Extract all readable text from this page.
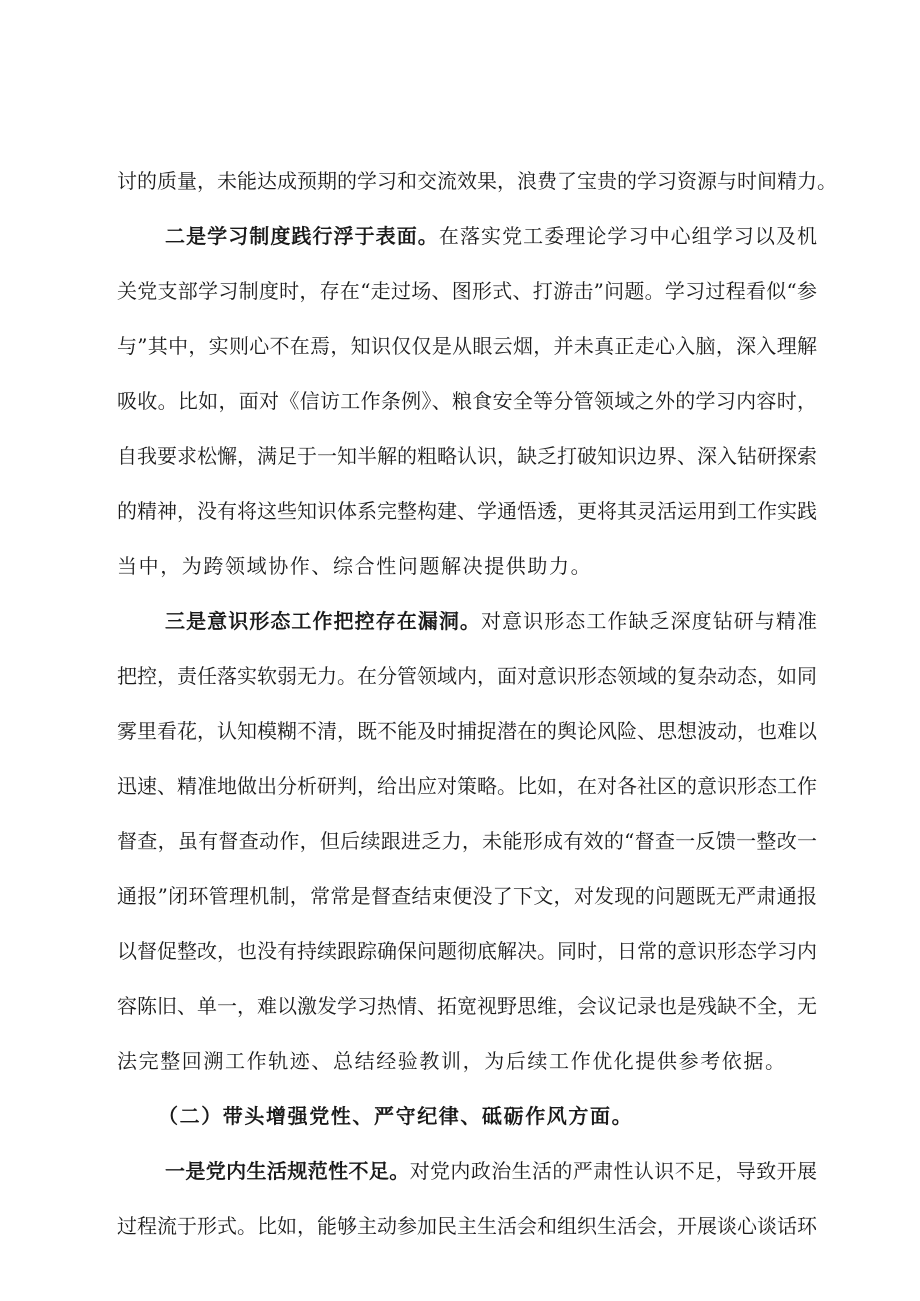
讨的质量，未能达成预期的学习和交流效果，浪费了宝贵的学习资源与时间精力。
二是学习制度践行浮于表面。在落实党工委理论学习中心组学习以及机
关党支部学习制度时，存在“走过场、图形式、打游击”问题。学习过程看似“参
与”其中，实则心不在焉，知识仅仅是从眼云烟，并未真正走心入脑，深入理解
吸收。比如，面对《信访工作条例》、粮食安全等分管领域之外的学习内容时，
自我要求松懈，满足于一知半解的粗略认识，缺乏打破知识边界、深入钻研探索
的精神，没有将这些知识体系完整构建、学通悟透，更将其灵活运用到工作实践
当中，为跨领域协作、综合性问题解决提供助力。
三是意识形态工作把控存在漏洞。对意识形态工作缺乏深度钻研与精准
把控，责任落实软弱无力。在分管领域内，面对意识形态领域的复杂动态，如同
雾里看花，认知模糊不清，既不能及时捕捉潜在的舆论风险、思想波动，也难以
迅速、精准地做出分析研判，给出应对策略。比如，在对各社区的意识形态工作
督查，虽有督查动作，但后续跟进乏力，未能形成有效的“督查一反馈一整改一
通报”闭环管理机制，常常是督查结束便没了下文，对发现的问题既无严肃通报
以督促整改，也没有持续跟踪确保问题彻底解决。同时，日常的意识形态学习内
容陈旧、单一，难以激发学习热情、拓宽视野思维，会议记录也是残缺不全，无
法完整回溯工作轨迹、总结经验教训，为后续工作优化提供参考依据。
（二）带头增强党性、严守纪律、砥砺作风方面。
一是党内生活规范性不足。对党内政治生活的严肃性认识不足，导致开展
过程流于形式。比如，能够主动参加民主生活会和组织生活会，开展谈心谈话环
